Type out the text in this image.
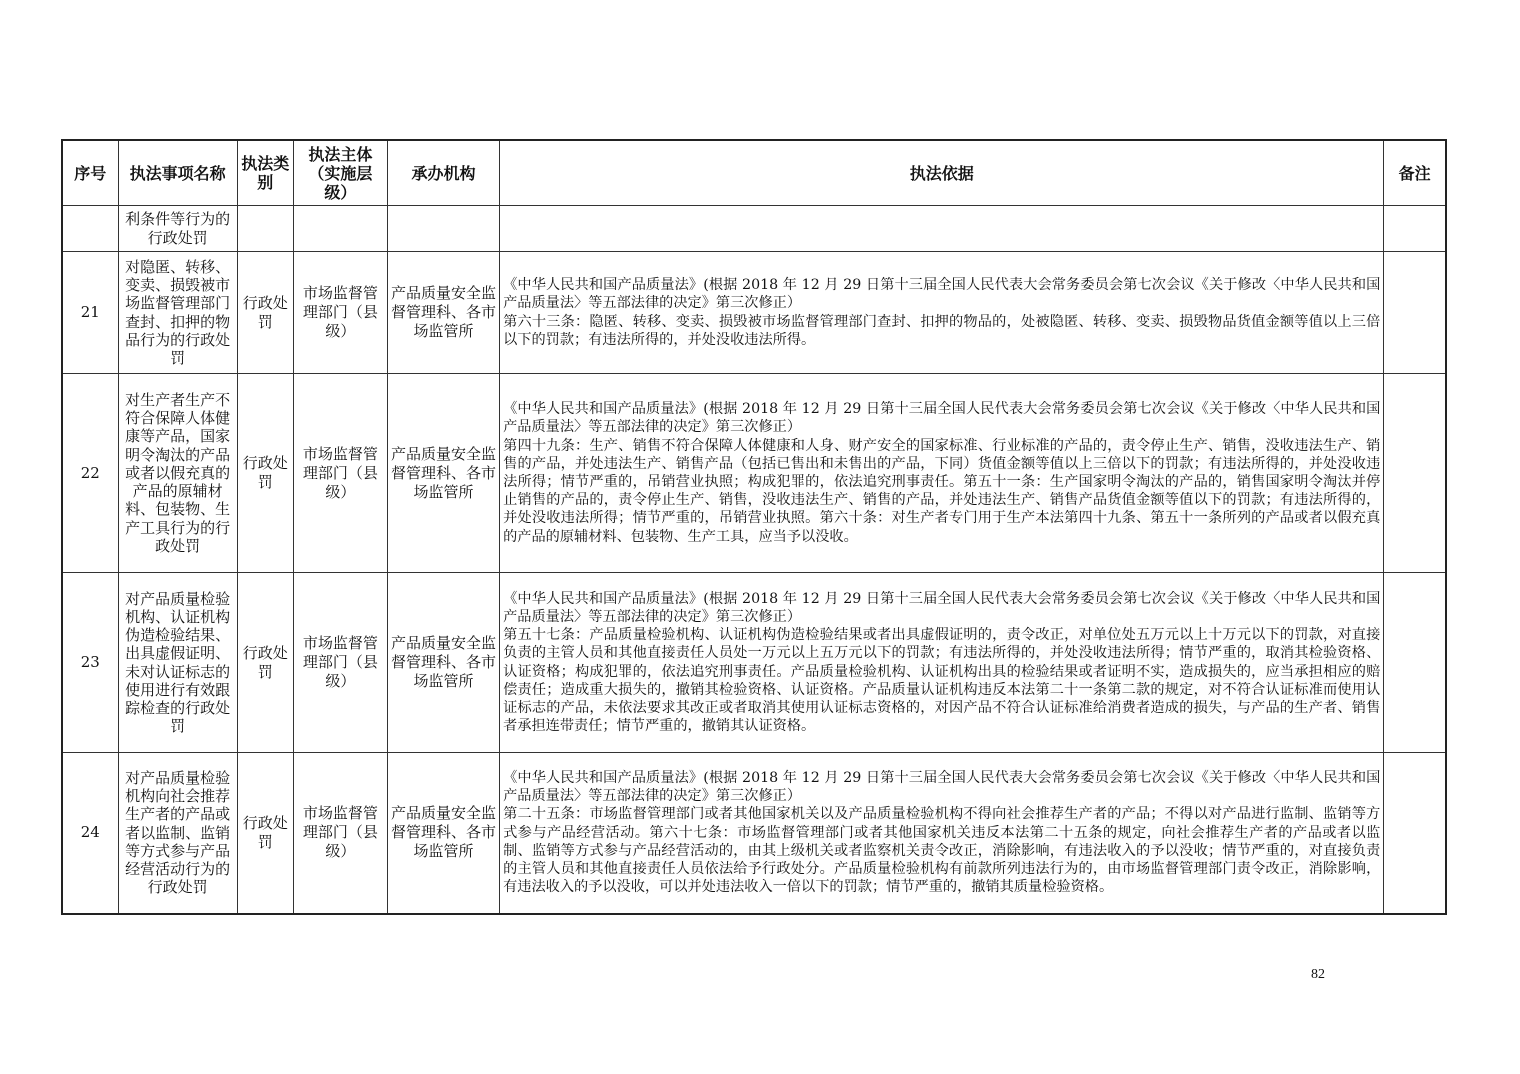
序号	执法事项名称	执法类别	执法主体（实施层级）	承办机构	执法依据	备注
	利条件等行为的行政处罚					
21	对隐匿、转移、变卖、损毁被市场监督管理部门查封、扣押的物品行为的行政处罚	行政处罚	市场监督管理部门（县级）	产品质量安全监督管理科、各市场监管所	《中华人民共和国产品质量法》(根据 2018 年 12 月 29 日第十三届全国人民代表大会常务委员会第七次会议《关于修改〈中华人民共和国产品质量法〉等五部法律的决定》第三次修正）
第六十三条：隐匿、转移、变卖、损毁被市场监督管理部门查封、扣押的物品的，处被隐匿、转移、变卖、损毁物品货值金额等值以上三倍以下的罚款；有违法所得的，并处没收违法所得。	

22	对生产者生产不符合保障人体健康等产品，国家明令淘汰的产品或者以假充真的产品的原辅材料、包装物、生产工具行为的行政处罚	行政处罚	市场监督管理部门（县级）	产品质量安全监督管理科、各市场监管所	《中华人民共和国产品质量法》(根据 2018 年 12 月 29 日第十三届全国人民代表大会常务委员会第七次会议《关于修改〈中华人民共和国产品质量法〉等五部法律的决定》第三次修正）
第四十九条：生产、销售不符合保障人体健康和人身、财产安全的国家标准、行业标准的产品的，责令停止生产、销售，没收违法生产、销售的产品，并处违法生产、销售产品（包括已售出和未售出的产品，下同）货值金额等值以上三倍以下的罚款；有违法所得的，并处没收违法所得；情节严重的，吊销营业执照；构成犯罪的，依法追究刑事责任。第五十一条：生产国家明令淘汰的产品的，销售国家明令淘汰并停止销售的产品的，责令停止生产、销售，没收违法生产、销售的产品，并处违法生产、销售产品货值金额等值以下的罚款；有违法所得的，并处没收违法所得；情节严重的，吊销营业执照。第六十条：对生产者专门用于生产本法第四十九条、第五十一条所列的产品或者以假充真的产品的原辅材料、包装物、生产工具，应当予以没收。	

23	对产品质量检验机构、认证机构伪造检验结果、出具虚假证明、未对认证标志的使用进行有效跟踪检查的行政处罚	行政处罚	市场监督管理部门（县级）	产品质量安全监督管理科、各市场监管所	《中华人民共和国产品质量法》(根据 2018 年 12 月 29 日第十三届全国人民代表大会常务委员会第七次会议《关于修改〈中华人民共和国产品质量法〉等五部法律的决定》第三次修正）
第五十七条：产品质量检验机构、认证机构伪造检验结果或者出具虚假证明的，责令改正，对单位处五万元以上十万元以下的罚款，对直接负责的主管人员和其他直接责任人员处一万元以上五万元以下的罚款；有违法所得的，并处没收违法所得；情节严重的，取消其检验资格、认证资格；构成犯罪的，依法追究刑事责任。产品质量检验机构、认证机构出具的检验结果或者证明不实，造成损失的，应当承担相应的赔偿责任；造成重大损失的，撤销其检验资格、认证资格。产品质量认证机构违反本法第二十一条第二款的规定，对不符合认证标准而使用认证标志的产品，未依法要求其改正或者取消其使用认证标志资格的，对因产品不符合认证标准给消费者造成的损失，与产品的生产者、销售者承担连带责任；情节严重的，撤销其认证资格。	

24	对产品质量检验机构向社会推荐生产者的产品或者以监制、监销等方式参与产品经营活动行为的行政处罚	行政处罚	市场监督管理部门（县级）	产品质量安全监督管理科、各市场监管所	《中华人民共和国产品质量法》(根据 2018 年 12 月 29 日第十三届全国人民代表大会常务委员会第七次会议《关于修改〈中华人民共和国产品质量法〉等五部法律的决定》第三次修正）
第二十五条：市场监督管理部门或者其他国家机关以及产品质量检验机构不得向社会推荐生产者的产品；不得以对产品进行监制、监销等方式参与产品经营活动。第六十七条：市场监督管理部门或者其他国家机关违反本法第二十五条的规定，向社会推荐生产者的产品或者以监制、监销等方式参与产品经营活动的，由其上级机关或者监察机关责令改正，消除影响，有违法收入的予以没收；情节严重的，对直接负责的主管人员和其他直接责任人员依法给予行政处分。产品质量检验机构有前款所列违法行为的，由市场监督管理部门责令改正，消除影响，有违法收入的予以没收，可以并处违法收入一倍以下的罚款；情节严重的，撤销其质量检验资格。	

82
